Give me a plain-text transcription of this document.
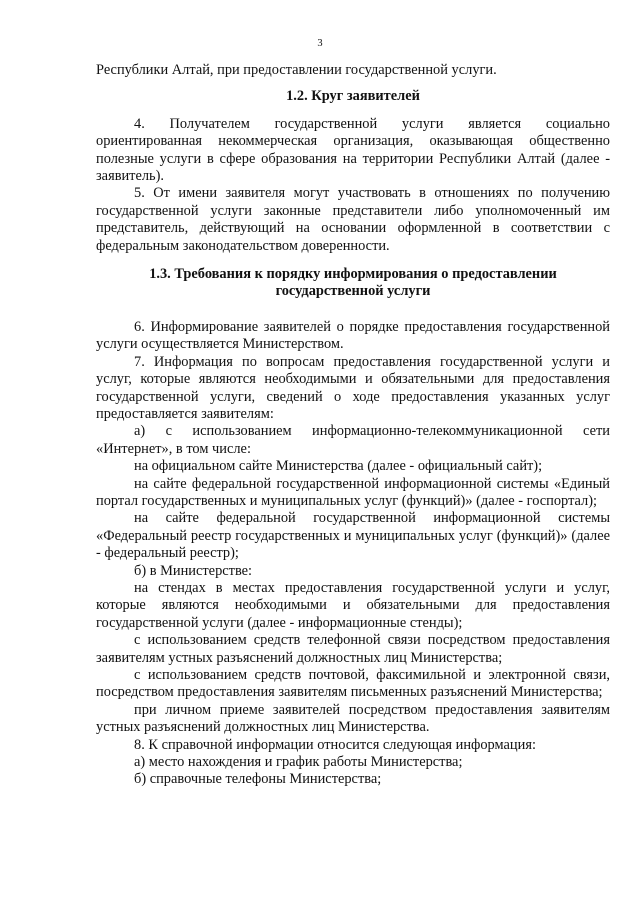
3

Республики Алтай, при предоставлении государственной услуги.

1.2. Круг заявителей

4. Получателем государственной услуги является социально ориентированная некоммерческая организация, оказывающая общественно полезные услуги в сфере образования на территории Республики Алтай (далее - заявитель).

5. От имени заявителя могут участвовать в отношениях по получению государственной услуги законные представители либо уполномоченный им представитель, действующий на основании оформленной в соответствии с федеральным законодательством доверенности.

1.3. Требования к порядку информирования о предоставлении государственной услуги

6. Информирование заявителей о порядке предоставления государственной услуги осуществляется Министерством.

7. Информация по вопросам предоставления государственной услуги и услуг, которые являются необходимыми и обязательными для предоставления государственной услуги, сведений о ходе предоставления указанных услуг предоставляется заявителям:

а) с использованием информационно-телекоммуникационной сети «Интернет», в том числе:

на официальном сайте Министерства (далее - официальный сайт);

на сайте федеральной государственной информационной системы «Единый портал государственных и муниципальных услуг (функций)» (далее - госпортал);

на сайте федеральной государственной информационной системы «Федеральный реестр государственных и муниципальных услуг (функций)» (далее - федеральный реестр);

б) в Министерстве:

на стендах в местах предоставления государственной услуги и услуг, которые являются необходимыми и обязательными для предоставления государственной услуги (далее - информационные стенды);

с использованием средств телефонной связи посредством предоставления заявителям устных разъяснений должностных лиц Министерства;

с использованием средств почтовой, факсимильной и электронной связи, посредством предоставления заявителям письменных разъяснений Министерства;

при личном приеме заявителей посредством предоставления заявителям устных разъяснений должностных лиц Министерства.

8. К справочной информации относится следующая информация:

а) место нахождения и график работы Министерства;

б) справочные телефоны Министерства;
